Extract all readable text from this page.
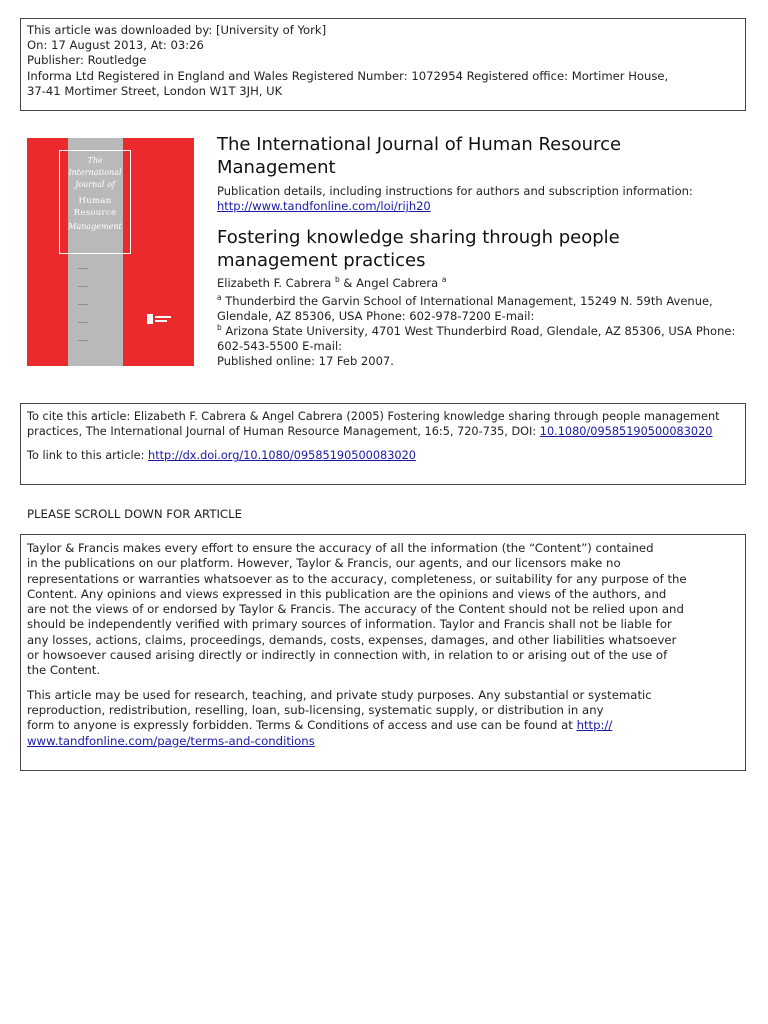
This article was downloaded by: [University of York]
On: 17 August 2013, At: 03:26
Publisher: Routledge
Informa Ltd Registered in England and Wales Registered Number: 1072954 Registered office: Mortimer House,
37-41 Mortimer Street, London W1T 3JH, UK
The
International
Journal of
Human
Resource
Management
The International Journal of Human Resource
Management
Publication details, including instructions for authors and subscription information:
http://www.tandfonline.com/loi/rijh20
Fostering knowledge sharing through people
management practices
Elizabeth F. Cabrera $^b$ & Angel Cabrera $^a$
$^a$ Thunderbird the Garvin School of International Management, 15249 N. 59th Avenue,
Glendale, AZ 85306, USA Phone: 602-978-7200 E-mail:
$^b$ Arizona State University, 4701 West Thunderbird Road, Glendale, AZ 85306, USA Phone:
602-543-5500 E-mail:
Published online: 17 Feb 2007.

To cite this article: Elizabeth F. Cabrera & Angel Cabrera (2005) Fostering knowledge sharing through people management

practices, The International Journal of Human Resource Management, 16:5, 720-735, DOI: 10.1080/09585190500083020

To link to this article: http://dx.doi.org/10.1080/09585190500083020

PLEASE SCROLL DOWN FOR ARTICLE

Taylor & Francis makes every effort to ensure the accuracy of all the information (the “Content”) contained
in the publications on our platform. However, Taylor & Francis, our agents, and our licensors make no
representations or warranties whatsoever as to the accuracy, completeness, or suitability for any purpose of the
Content. Any opinions and views expressed in this publication are the opinions and views of the authors, and
are not the views of or endorsed by Taylor & Francis. The accuracy of the Content should not be relied upon and
should be independently verified with primary sources of information. Taylor and Francis shall not be liable for
any losses, actions, claims, proceedings, demands, costs, expenses, damages, and other liabilities whatsoever
or howsoever caused arising directly or indirectly in connection with, in relation to or arising out of the use of
the Content.

This article may be used for research, teaching, and private study purposes. Any substantial or systematic
reproduction, redistribution, reselling, loan, sub-licensing, systematic supply, or distribution in any
form to anyone is expressly forbidden. Terms & Conditions of access and use can be found at http://
www.tandfonline.com/page/terms-and-conditions
